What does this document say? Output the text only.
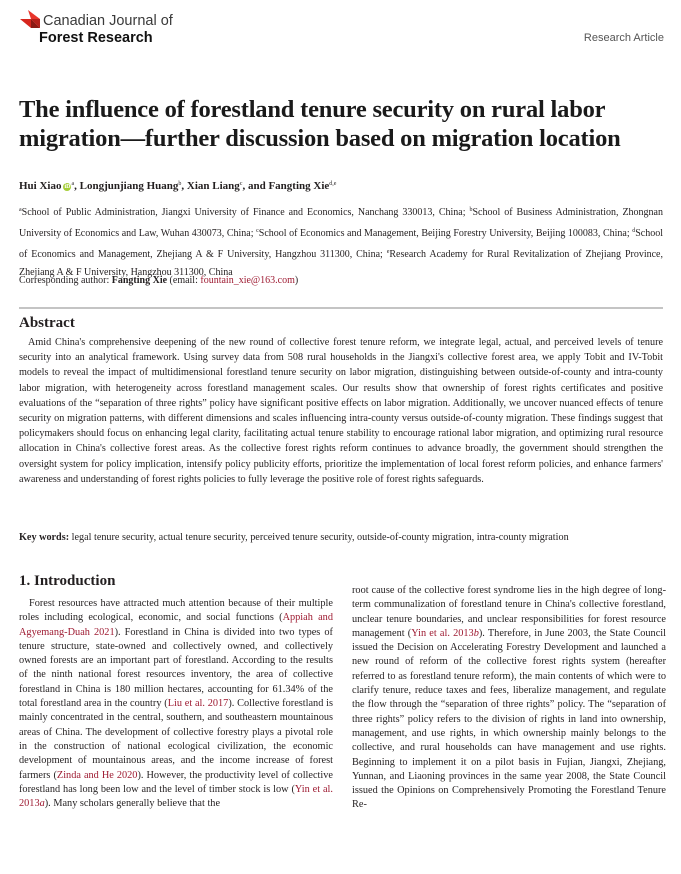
Canadian Journal of
Forest Research	Research Article
The influence of forestland tenure security on rural labor migration—further discussion based on migration location
Hui Xiao $iD^a$, Longjunjiang Huang$^b$, Xian Liang$^c$, and Fangting Xie$^{d,e}$
$^a$School of Public Administration, Jiangxi University of Finance and Economics, Nanchang 330013, China; $^b$School of Business Administration, Zhongnan University of Economics and Law, Wuhan 430073, China; $^c$School of Economics and Management, Beijing Forestry University, Beijing 100083, China; $^d$School of Economics and Management, Zhejiang A & F University, Hangzhou 311300, China; $^e$Research Academy for Rural Revitalization of Zhejiang Province, Zhejiang A & F University, Hangzhou 311300, China
Corresponding author: Fangting Xie (email: fountain_xie@163.com)
Abstract

Amid China's comprehensive deepening of the new round of collective forest tenure reform, we integrate legal, actual, and perceived levels of tenure security into an analytical framework. Using survey data from 508 rural households in the Jiangxi's collective forest area, we apply Tobit and IV-Tobit models to reveal the impact of multidimensional forestland tenure security on labor migration, distinguishing between outside-of-county and intra-county labor migration, with heterogeneity across forestland management scales. Our results show that ownership of forest rights certificates and positive evaluations of the “separation of three rights” policy have significant positive effects on labor migration. Additionally, we uncover nuanced effects of tenure security on migration patterns, with different dimensions and scales influencing intra-county versus outside-of-county migration. These findings suggest that policymakers should focus on enhancing legal clarity, facilitating actual tenure stability to encourage rational labor migration, and optimizing rural resource allocation in China's collective forest areas. As the collective forest rights reform continues to advance broadly, the government should strengthen the oversight system for policy implication, intensify policy publicity efforts, prioritize the implementation of local forest reform policies, and enhance farmers' awareness and understanding of forest rights policies to fully leverage the positive role of forest rights safeguards.

Key words: legal tenure security, actual tenure security, perceived tenure security, outside-of-county migration, intra-county migration

1. Introduction

Forest resources have attracted much attention because of their multiple roles including ecological, economic, and social functions (Appiah and Agyemang-Duah 2021). Forestland in China is divided into two types of tenure structure, state-owned and collectively owned, and collectively owned forests are an important part of forestland. According to the results of the ninth national forest resources inventory, the area of collective forestland in China is 180 million hectares, accounting for 61.34% of the total forestland area in the country (Liu et al. 2017). Collective forestland is mainly concentrated in the central, southern, and southeastern mountainous areas of China. The development of collective forestry plays a pivotal role in the construction of national ecological civilization, the economic development of mountainous areas, and the income increase of forest farmers (Zinda and He 2020). However, the productivity level of collective forestland has long been low and the level of timber stock is low (Yin et al. 2013a). Many scholars generally believe that the

root cause of the collective forest syndrome lies in the high degree of long-term communalization of forestland tenure in China's collective forestland, unclear tenure boundaries, and unclear responsibilities for forest resource management (Yin et al. 2013b). Therefore, in June 2003, the State Council issued the Decision on Accelerating Forestry Development and launched a new round of reform of the collective forest rights system (hereafter referred to as forestland tenure reform), the main contents of which were to clarify tenure, reduce taxes and fees, liberalize management, and regulate the flow through the “separation of three rights” policy. The “separation of three rights” policy refers to the division of rights in land into ownership, management, and use rights, in which ownership mainly belongs to the collective, and rural households can have management and use rights. Beginning to implement it on a pilot basis in Fujian, Jiangxi, Zhejiang, Yunnan, and Liaoning provinces in the same year 2008, the State Council issued the Opinions on Comprehensively Promoting the Forestland Tenure Re-
